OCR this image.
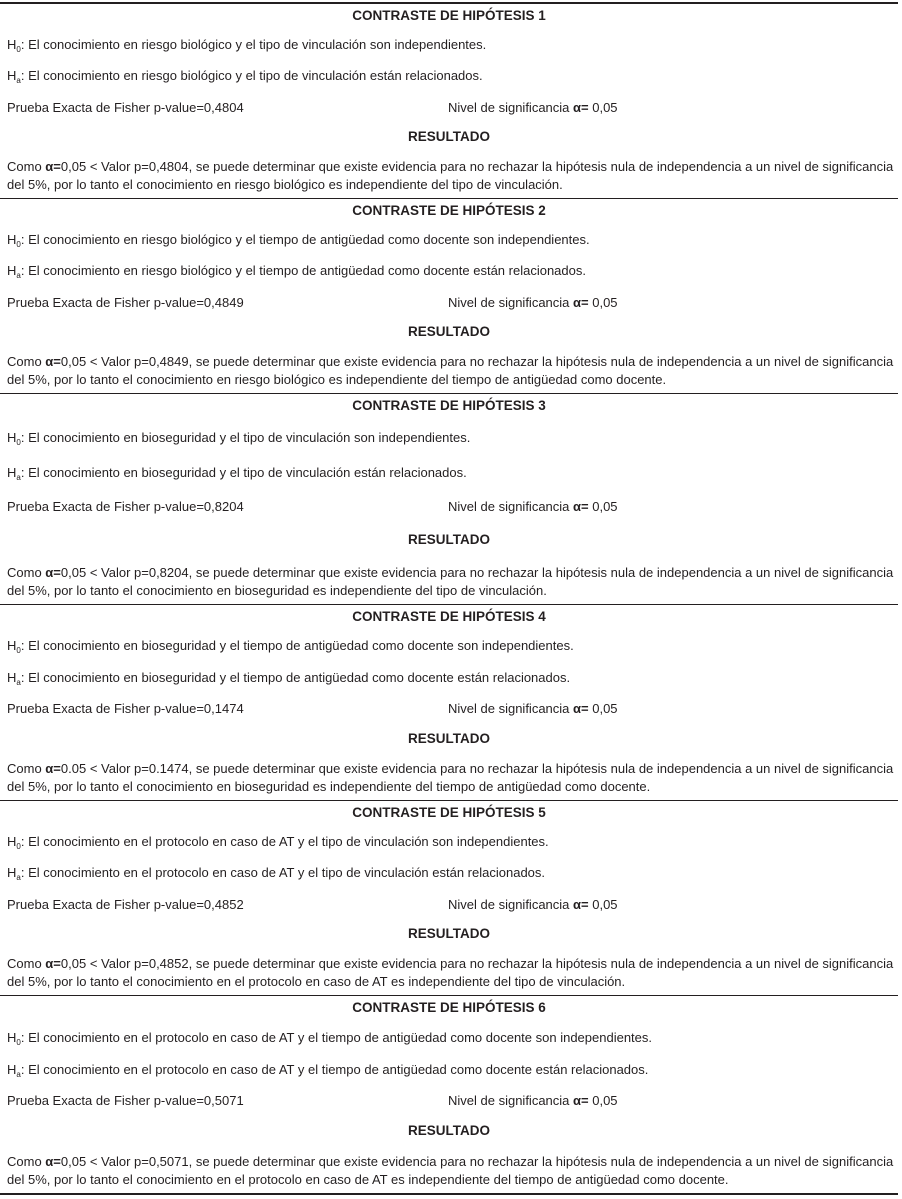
CONTRASTE DE HIPÓTESIS 1
$H_0$: El conocimiento en riesgo biológico y el tipo de vinculación son independientes.
$H_a$: El conocimiento en riesgo biológico y el tipo de vinculación están relacionados.
Prueba Exacta de Fisher p-value=0,4804	Nivel de significancia α= 0,05
RESULTADO
Como α=0,05 < Valor p=0,4804, se puede determinar que existe evidencia para no rechazar la hipótesis nula de independencia a un nivel de significancia del 5%, por lo tanto el conocimiento en riesgo biológico es independiente del tipo de vinculación.
CONTRASTE DE HIPÓTESIS 2
$H_0$: El conocimiento en riesgo biológico y el tiempo de antigüedad como docente son independientes.
$H_a$: El conocimiento en riesgo biológico y el tiempo de antigüedad como docente están relacionados.
Prueba Exacta de Fisher p-value=0,4849	Nivel de significancia α= 0,05
RESULTADO
Como α=0,05 < Valor p=0,4849, se puede determinar que existe evidencia para no rechazar la hipótesis nula de independencia a un nivel de significancia del 5%, por lo tanto el conocimiento en riesgo biológico es independiente del tiempo de antigüedad como docente.
CONTRASTE DE HIPÓTESIS 3
$H_0$: El conocimiento en bioseguridad y el tipo de vinculación son independientes.
$H_a$: El conocimiento en bioseguridad y el tipo de vinculación están relacionados.
Prueba Exacta de Fisher p-value=0,8204	Nivel de significancia α= 0,05
RESULTADO
Como α=0,05 < Valor p=0,8204, se puede determinar que existe evidencia para no rechazar la hipótesis nula de independencia a un nivel de significancia del 5%, por lo tanto el conocimiento en bioseguridad es independiente del tipo de vinculación.
CONTRASTE DE HIPÓTESIS 4
$H_0$: El conocimiento en bioseguridad y el tiempo de antigüedad como docente son independientes.
$H_a$: El conocimiento en bioseguridad y el tiempo de antigüedad como docente están relacionados.
Prueba Exacta de Fisher p-value=0,1474	Nivel de significancia α= 0,05
RESULTADO
Como α=0.05 < Valor p=0.1474, se puede determinar que existe evidencia para no rechazar la hipótesis nula de independencia a un nivel de significancia del 5%, por lo tanto el conocimiento en bioseguridad es independiente del tiempo de antigüedad como docente.
CONTRASTE DE HIPÓTESIS 5
$H_0$: El conocimiento en el protocolo en caso de AT y el tipo de vinculación son independientes.
$H_a$: El conocimiento en el protocolo en caso de AT y el tipo de vinculación están relacionados.
Prueba Exacta de Fisher p-value=0,4852	Nivel de significancia α= 0,05
RESULTADO
Como α=0,05 < Valor p=0,4852, se puede determinar que existe evidencia para no rechazar la hipótesis nula de independencia a un nivel de significancia del 5%, por lo tanto el conocimiento en el protocolo en caso de AT es independiente del tipo de vinculación.
CONTRASTE DE HIPÓTESIS 6
$H_0$: El conocimiento en el protocolo en caso de AT y el tiempo de antigüedad como docente son independientes.
$H_a$: El conocimiento en el protocolo en caso de AT y el tiempo de antigüedad como docente están relacionados.
Prueba Exacta de Fisher p-value=0,5071	Nivel de significancia α= 0,05
RESULTADO
Como α=0,05 < Valor p=0,5071, se puede determinar que existe evidencia para no rechazar la hipótesis nula de independencia a un nivel de significancia del 5%, por lo tanto el conocimiento en el protocolo en caso de AT es independiente del tiempo de antigüedad como docente.
